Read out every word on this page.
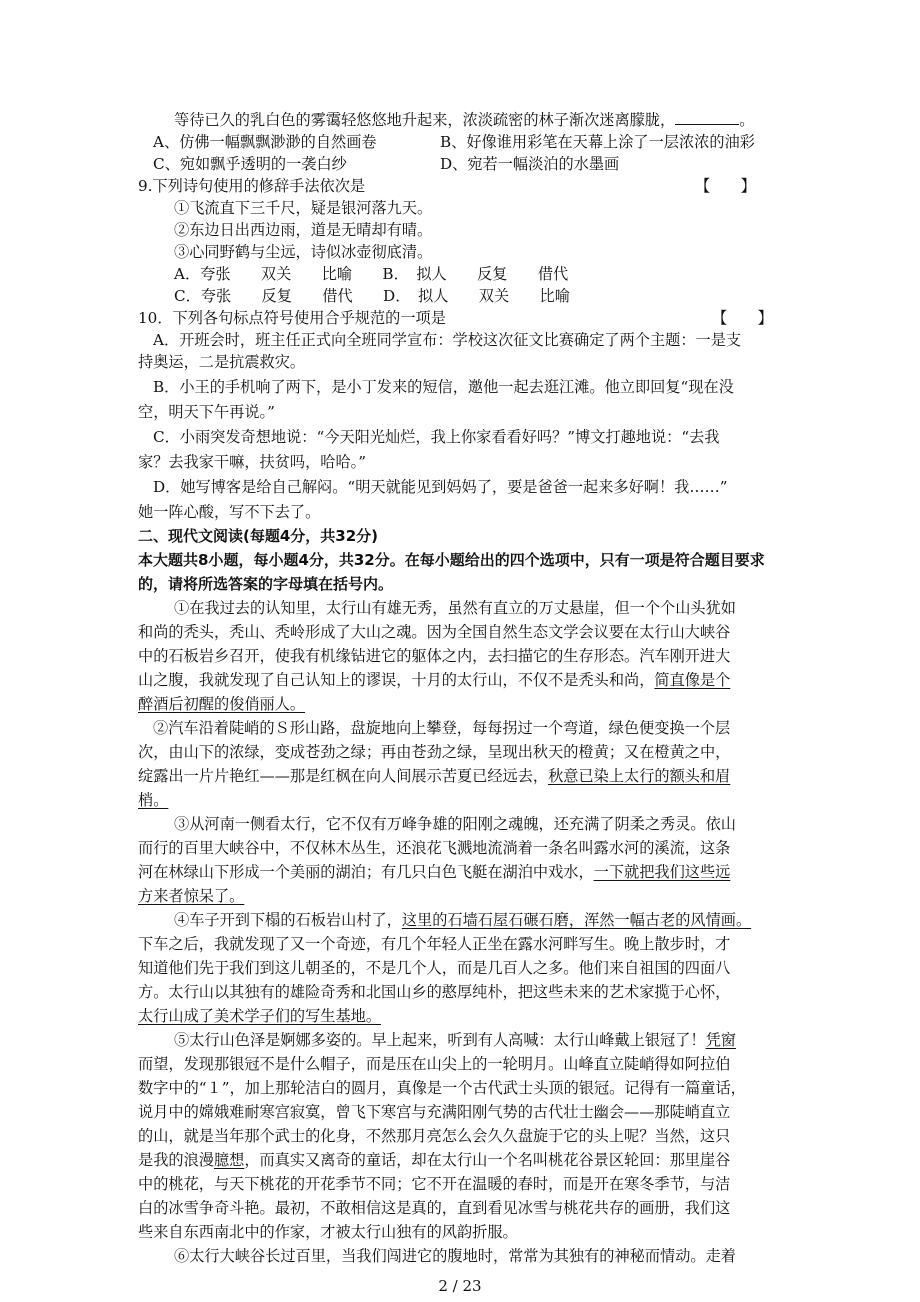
等待已久的乳白色的雾霭轻悠悠地升起来，浓淡疏密的林子渐次迷离朦胧，	。
A、仿佛一幅飘飘渺渺的自然画卷	B、好像谁用彩笔在天幕上涂了一层浓浓的油彩
C、宛如飘乎透明的一袭白纱	D、宛若一幅淡泊的水墨画
9.下列诗句使用的修辞手法依次是	【　　】
①飞流直下三千尺，疑是银河落九天。
②东边日出西边雨，道是无晴却有晴。
③心同野鹤与尘远，诗似冰壶彻底清。
A．夸张　　双关　　比喻　　B．　拟人　　反复　　借代
C．夸张　　反复　　借代　　D．　拟人　　双关　　比喻
10．下列各句标点符号使用合乎规范的一项是	【　　】
A．开班会时，班主任正式向全班同学宣布：学校这次征文比赛确定了两个主题：一是支
持奥运，二是抗震救灾。
B．小王的手机响了两下，是小丁发来的短信，邀他一起去逛江滩。他立即回复“现在没
空，明天下午再说。”
C．小雨突发奇想地说：“今天阳光灿烂，我上你家看看好吗？”博文打趣地说：“去我
家？去我家干嘛，扶贫吗，哈哈。”
D．她写博客是给自己解闷。“明天就能见到妈妈了，要是爸爸一起来多好啊！我……”
她一阵心酸，写不下去了。
二、现代文阅读(每题4分，共32分)
本大题共8小题，每小题4分，共32分。在每小题给出的四个选项中，只有一项是符合题目要求
的，请将所选答案的字母填在括号内。
①在我过去的认知里，太行山有雄无秀，虽然有直立的万丈悬崖，但一个个山头犹如
和尚的秃头，秃山、秃岭形成了大山之魂。因为全国自然生态文学会议要在太行山大峡谷
中的石板岩乡召开，使我有机缘钻进它的躯体之内，去扫描它的生存形态。汽车刚开进大
山之腹，我就发现了自己认知上的谬误，十月的太行山，不仅不是秃头和尚，简直像是个
醉酒后初醒的俊俏丽人。
②汽车沿着陡峭的Ｓ形山路，盘旋地向上攀登，每每拐过一个弯道，绿色便变换一个层
次，由山下的浓绿，变成苍劲之绿；再由苍劲之绿，呈现出秋天的橙黄；又在橙黄之中，
绽露出一片片艳红——那是红枫在向人间展示苦夏已经远去，秋意已染上太行的额头和眉
梢。
③从河南一侧看太行，它不仅有万峰争雄的阳刚之魂魄，还充满了阴柔之秀灵。依山
而行的百里大峡谷中，不仅林木丛生，还浪花飞溅地流淌着一条名叫露水河的溪流，这条
河在林绿山下形成一个美丽的湖泊；有几只白色飞艇在湖泊中戏水，一下就把我们这些远
方来者惊呆了。
④车子开到下榻的石板岩山村了，这里的石墙石屋石碾石磨，浑然一幅古老的风情画。
下车之后，我就发现了又一个奇迹，有几个年轻人正坐在露水河畔写生。晚上散步时，才
知道他们先于我们到这儿朝圣的，不是几个人，而是几百人之多。他们来自祖国的四面八
方。太行山以其独有的雄险奇秀和北国山乡的憨厚纯朴，把这些未来的艺术家揽于心怀，
太行山成了美术学子们的写生基地。
⑤太行山色泽是婀娜多姿的。早上起来，听到有人高喊：太行山峰戴上银冠了！凭窗
而望，发现那银冠不是什么帽子，而是压在山尖上的一轮明月。山峰直立陡峭得如阿拉伯
数字中的“１”，加上那轮洁白的圆月，真像是一个古代武士头顶的银冠。记得有一篇童话，
说月中的嫦娥难耐寒宫寂寞，曾飞下寒宫与充满阳刚气势的古代壮士幽会——那陡峭直立
的山，就是当年那个武士的化身，不然那月亮怎么会久久盘旋于它的头上呢？当然，这只
是我的浪漫臆想，而真实又离奇的童话，却在太行山一个名叫桃花谷景区轮回：那里崖谷
中的桃花，与天下桃花的开花季节不同；它不开在温暖的春时，而是开在寒冬季节，与洁
白的冰雪争奇斗艳。最初，不敢相信这是真的，直到看见冰雪与桃花共存的画册，我们这
些来自东西南北中的作家，才被太行山独有的风韵折服。
⑥太行大峡谷长过百里，当我们闯进它的腹地时，常常为其独有的神秘而情动。走着
2 / 23
